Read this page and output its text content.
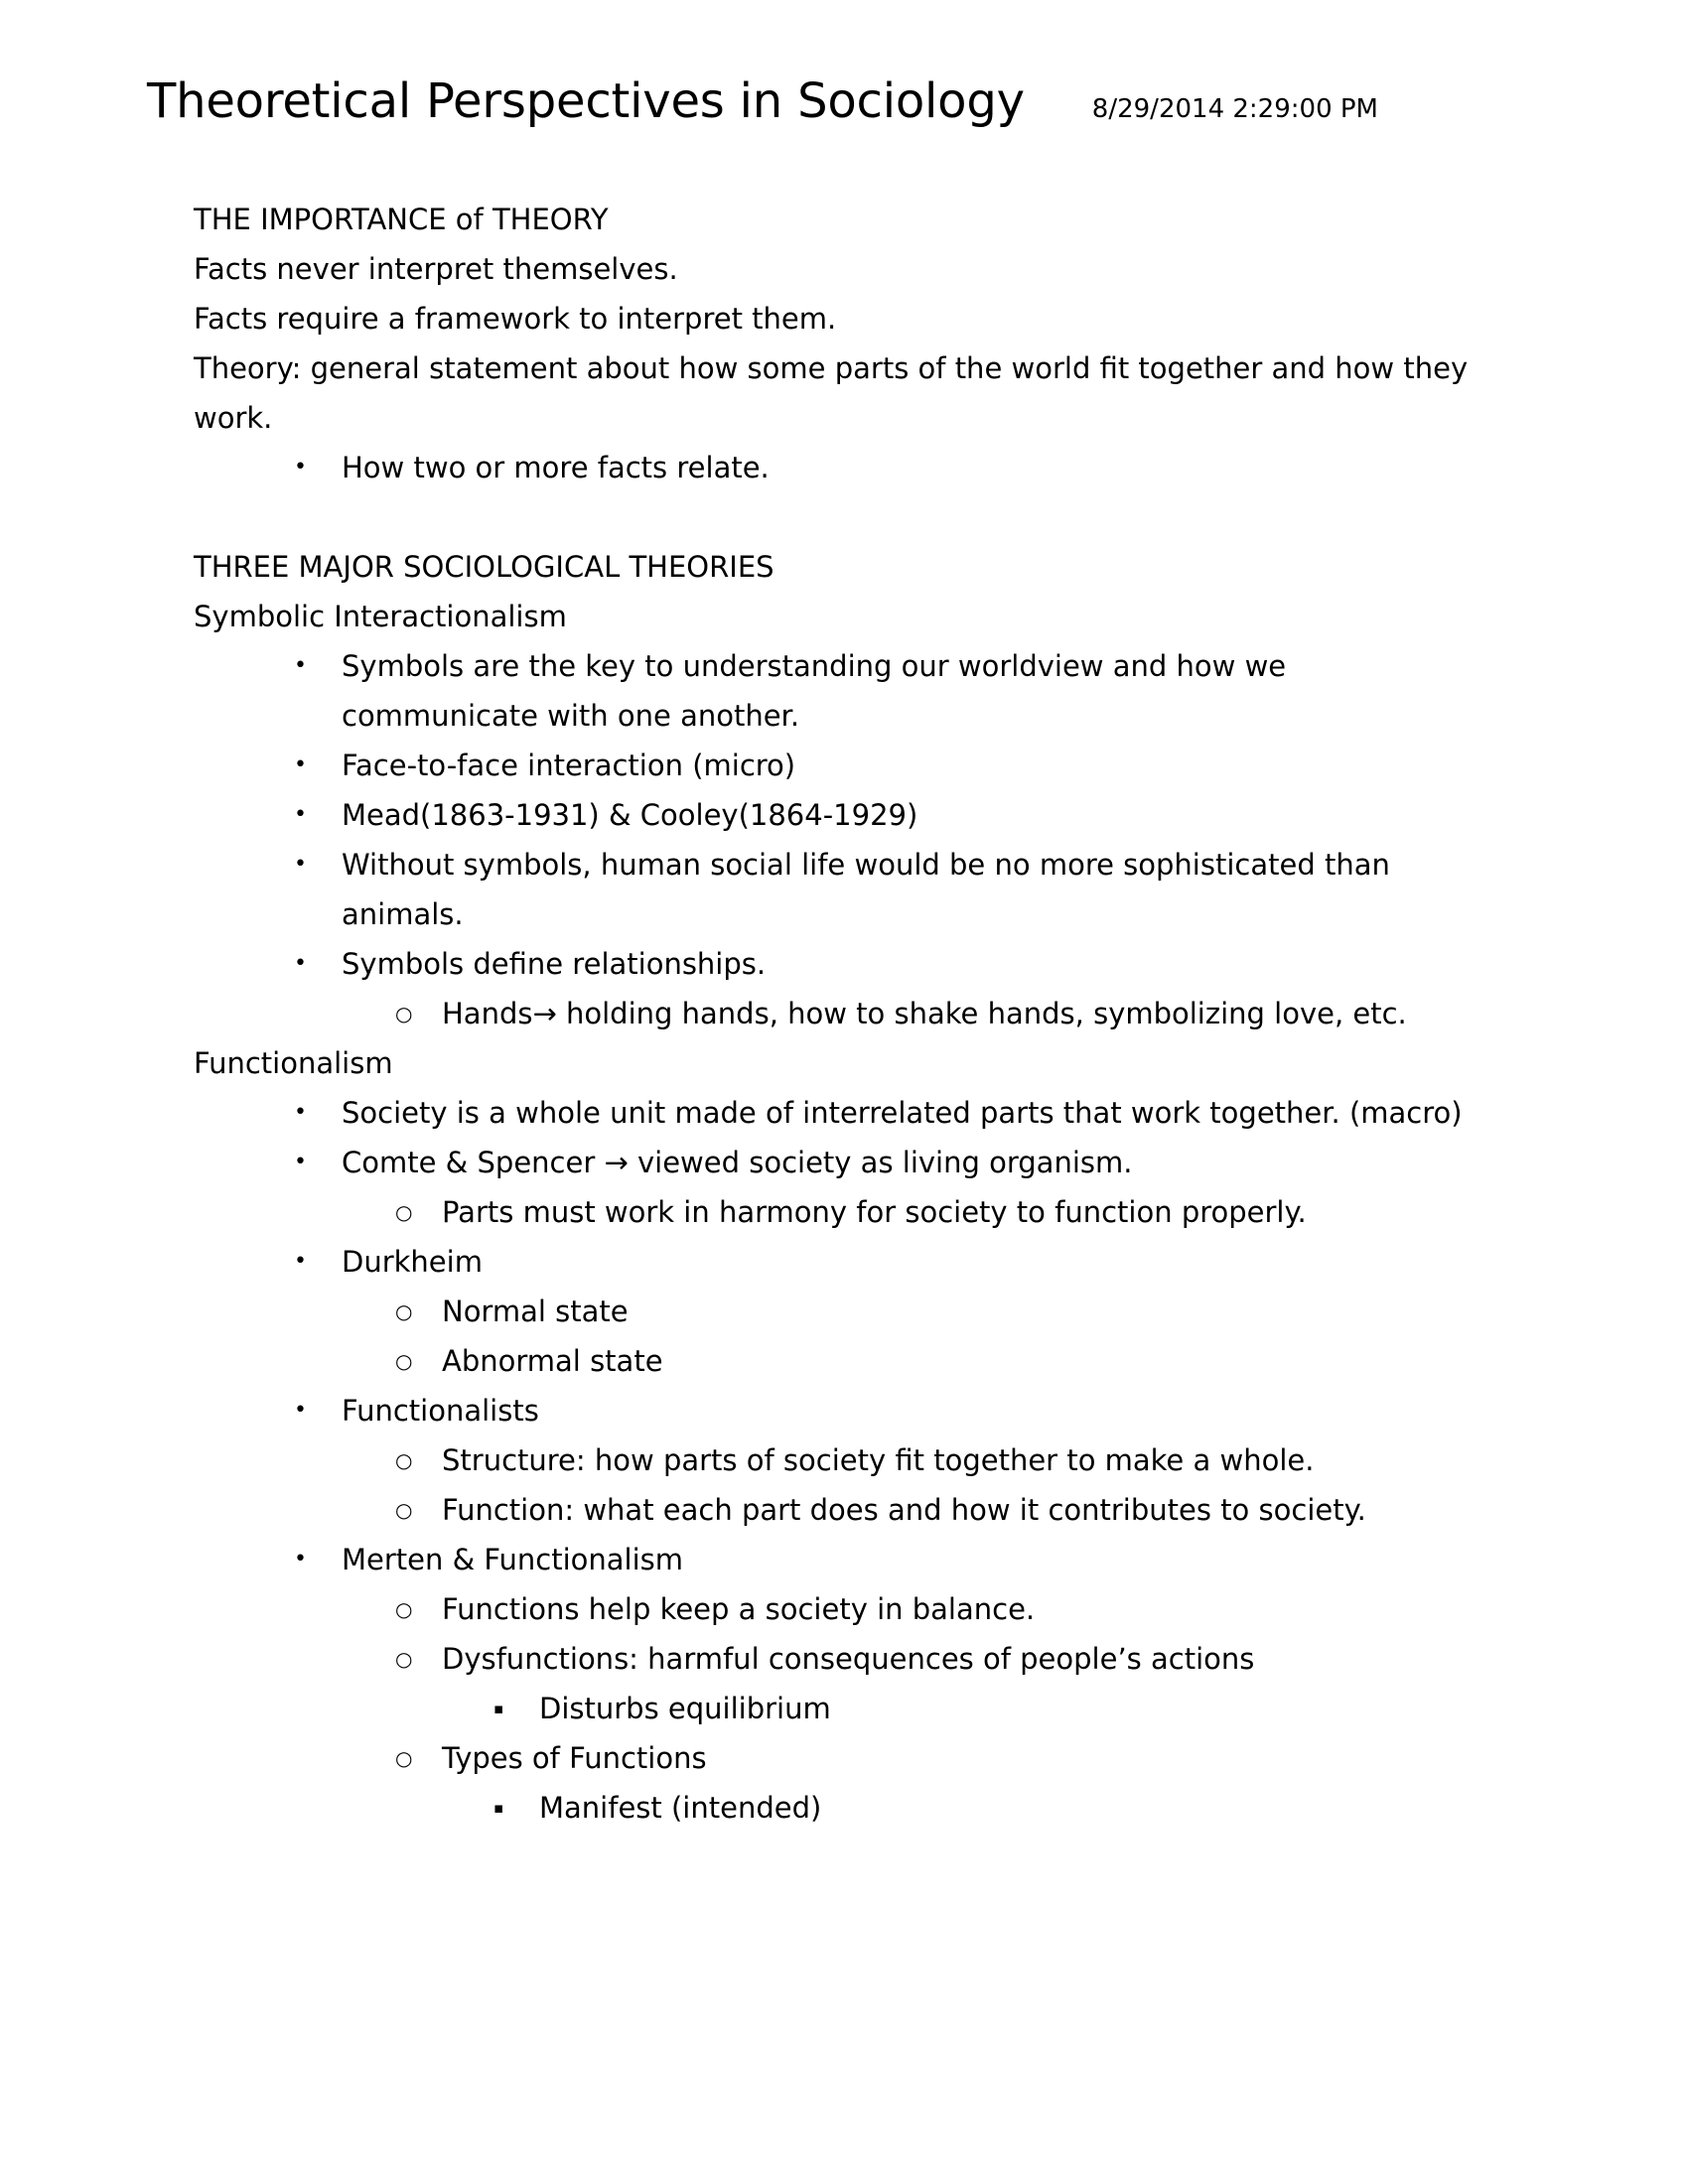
Theoretical Perspectives in Sociology	8/29/2014 2:29:00 PM
THE IMPORTANCE of THEORY
Facts never interpret themselves.
Facts require a framework to interpret them.
Theory: general statement about how some parts of the world fit together and how they work.
•	How two or more facts relate.
THREE MAJOR SOCIOLOGICAL THEORIES
Symbolic Interactionalism
•	Symbols are the key to understanding our worldview and how we communicate with one another.
•	Face-to-face interaction (micro)
•	Mead(1863-1931) & Cooley(1864-1929)
•	Without symbols, human social life would be no more sophisticated than animals.
•	Symbols define relationships.
○	Hands→ holding hands, how to shake hands, symbolizing love, etc.
Functionalism
•	Society is a whole unit made of interrelated parts that work together. (macro)
•	Comte & Spencer → viewed society as living organism.
○	Parts must work in harmony for society to function properly.
•	Durkheim
○	Normal state
○	Abnormal state
•	Functionalists
○	Structure: how parts of society fit together to make a whole.
○	Function: what each part does and how it contributes to society.
•	Merten & Functionalism
○	Functions help keep a society in balance.
○	Dysfunctions: harmful consequences of people’s actions
▪	Disturbs equilibrium
○	Types of Functions
▪	Manifest (intended)
